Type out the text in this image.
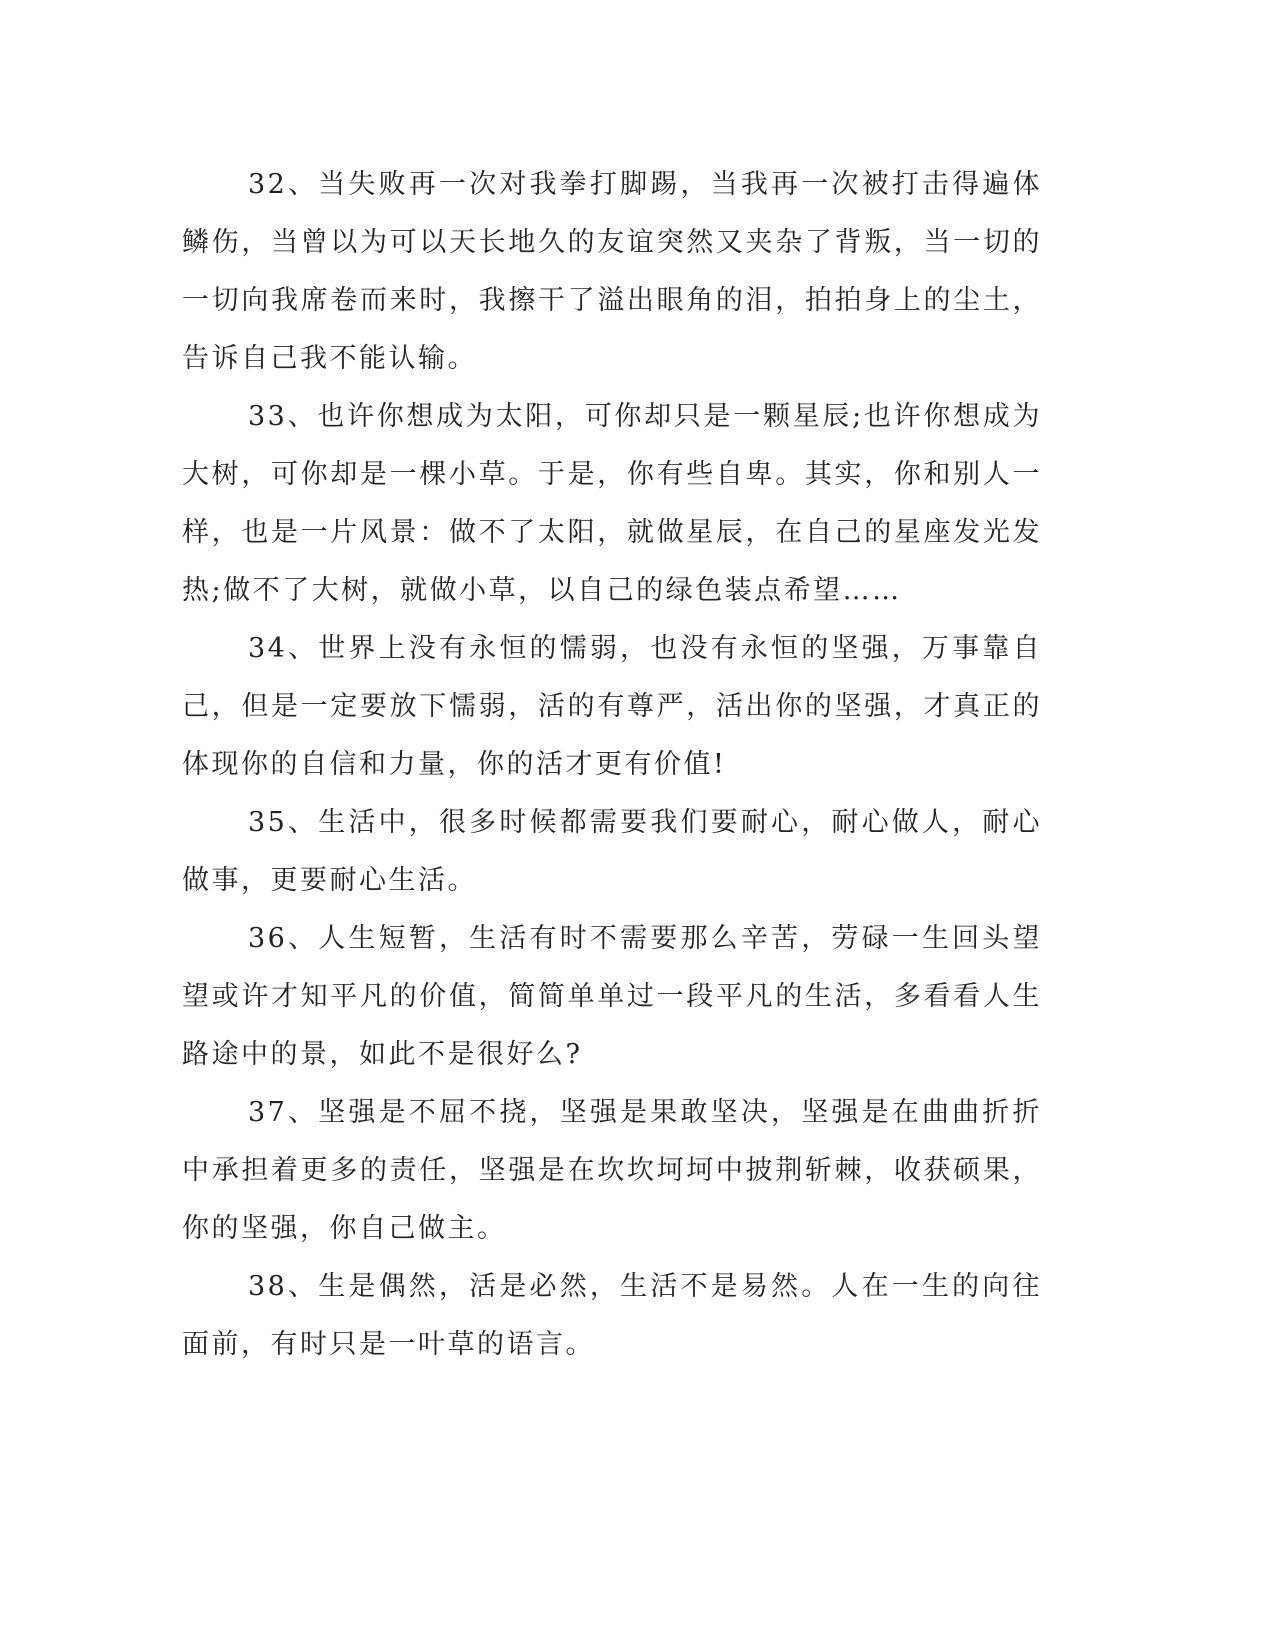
32、当失败再一次对我拳打脚踢，当我再一次被打击得遍体鳞伤，当曾以为可以天长地久的友谊突然又夹杂了背叛，当一切的一切向我席卷而来时，我擦干了溢出眼角的泪，拍拍身上的尘土，告诉自己我不能认输。

33、也许你想成为太阳，可你却只是一颗星辰;也许你想成为大树，可你却是一棵小草。于是，你有些自卑。其实，你和别人一样，也是一片风景：做不了太阳，就做星辰，在自己的星座发光发热;做不了大树，就做小草，以自己的绿色装点希望……

34、世界上没有永恒的懦弱，也没有永恒的坚强，万事靠自己，但是一定要放下懦弱，活的有尊严，活出你的坚强，才真正的体现你的自信和力量，你的活才更有价值!

35、生活中，很多时候都需要我们要耐心，耐心做人，耐心做事，更要耐心生活。

36、人生短暂，生活有时不需要那么辛苦，劳碌一生回头望望或许才知平凡的价值，简简单单过一段平凡的生活，多看看人生路途中的景，如此不是很好么?

37、坚强是不屈不挠，坚强是果敢坚决，坚强是在曲曲折折中承担着更多的责任，坚强是在坎坎坷坷中披荆斩棘，收获硕果，你的坚强，你自己做主。

38、生是偶然，活是必然，生活不是易然。人在一生的向往面前，有时只是一叶草的语言。
